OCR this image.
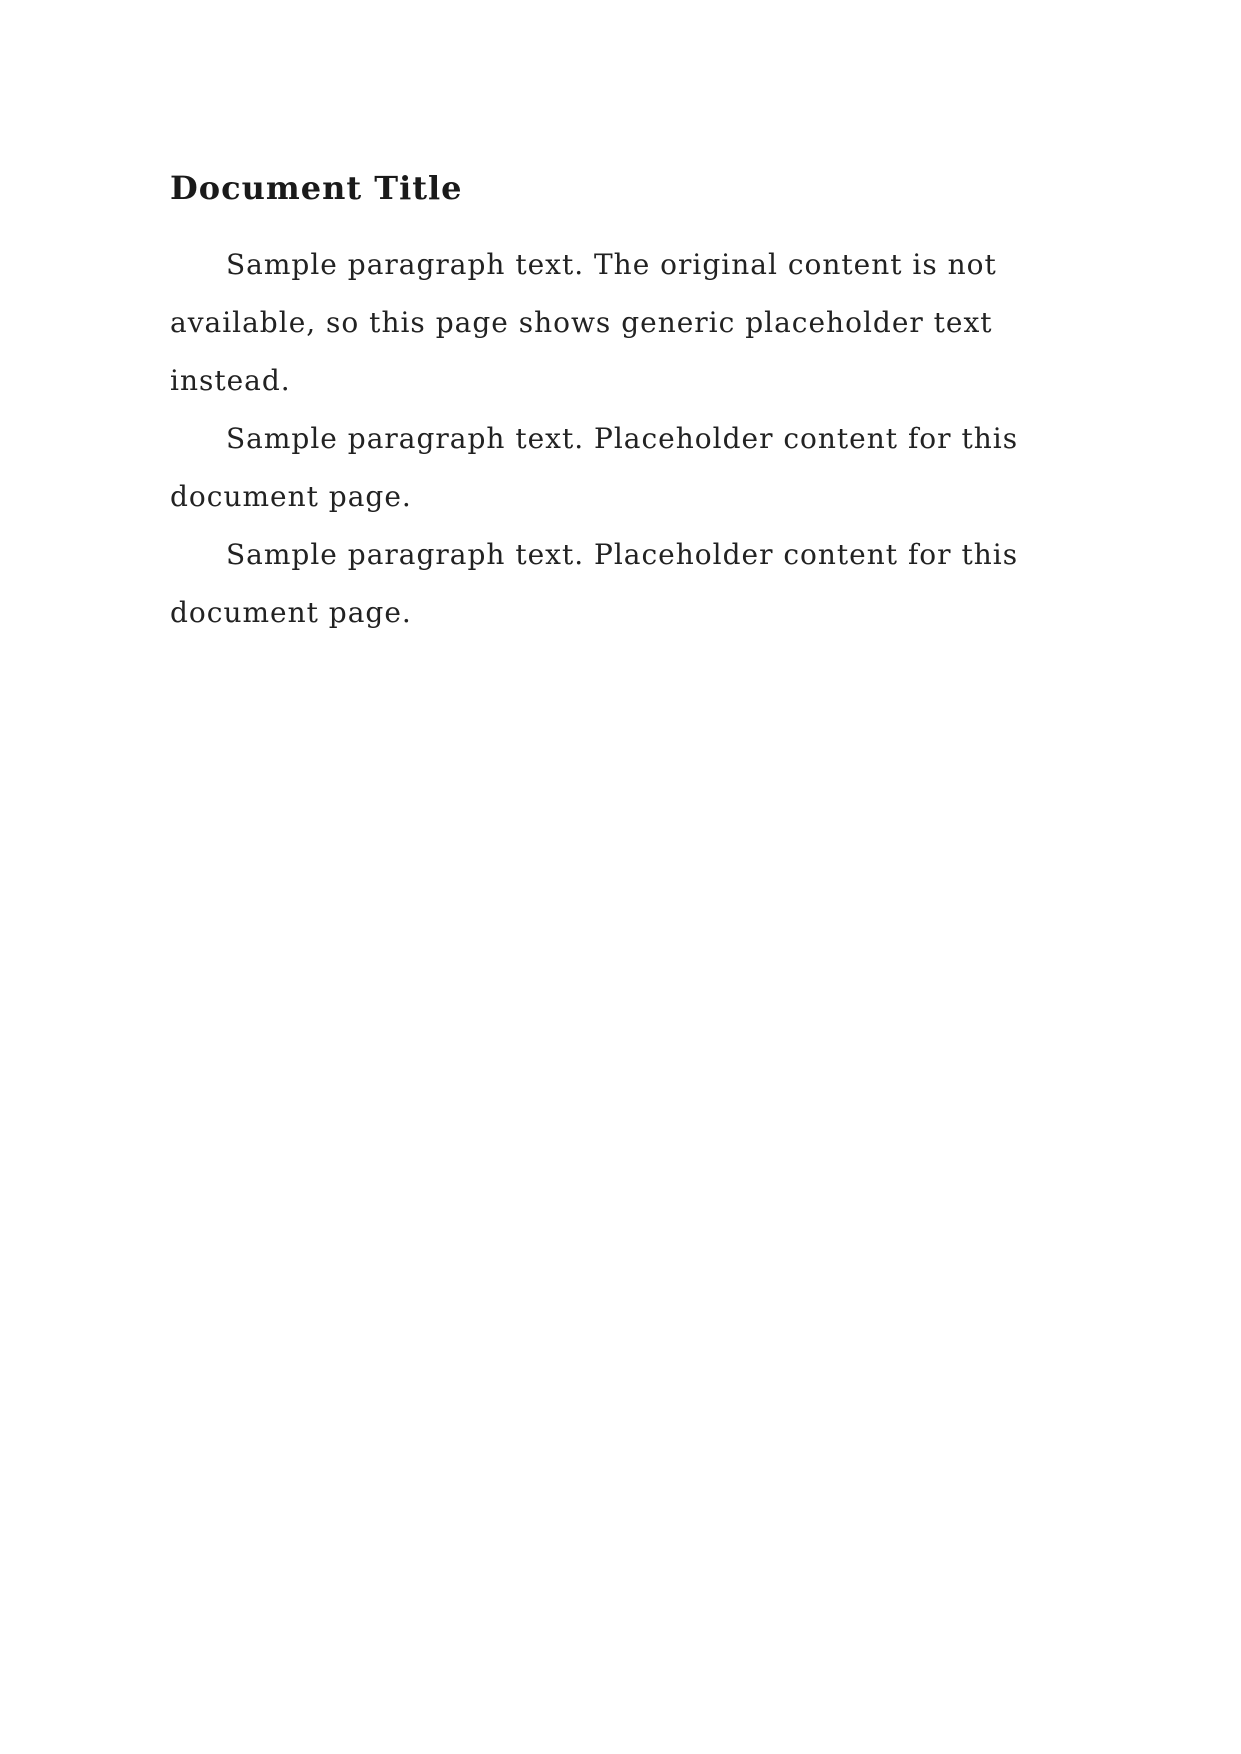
Document Title

Sample paragraph text. The original content is not available, so this page shows generic placeholder text instead.

Sample paragraph text. Placeholder content for this document page.

Sample paragraph text. Placeholder content for this document page.
